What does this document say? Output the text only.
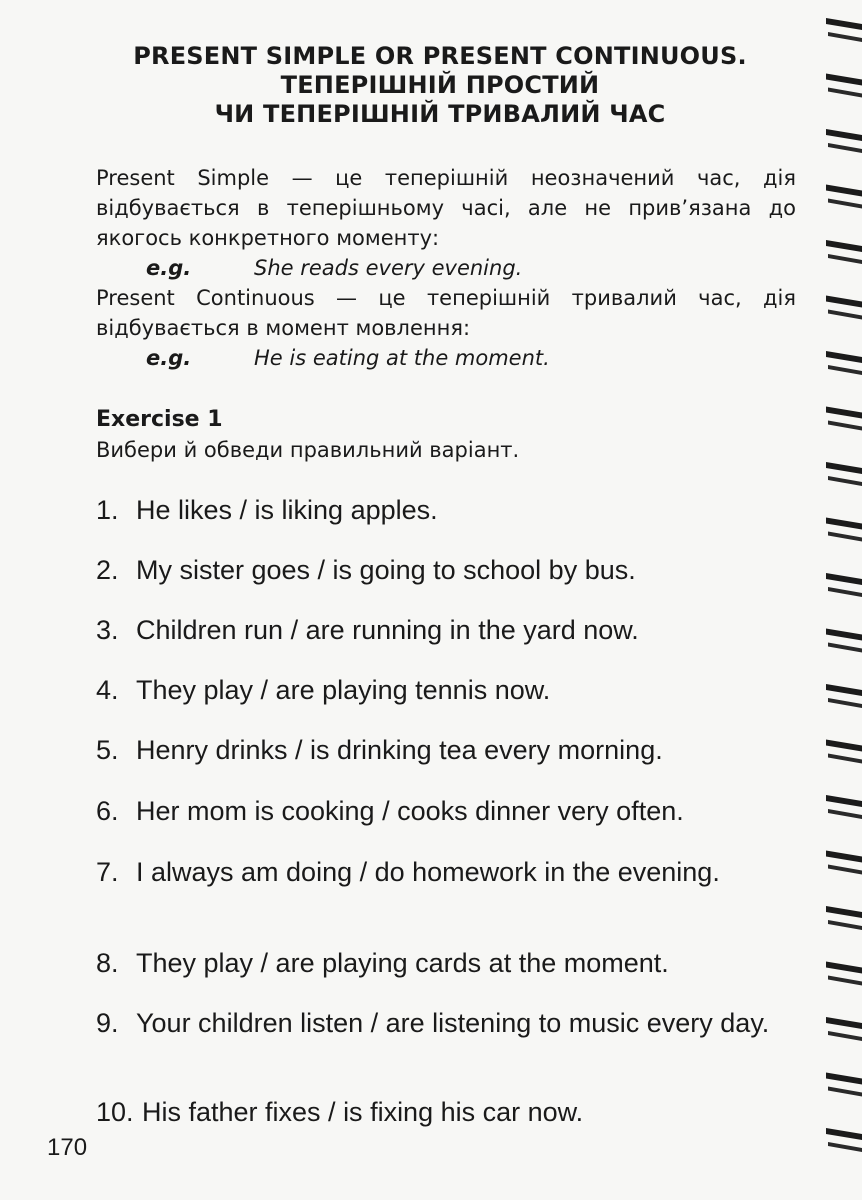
PRESENT SIMPLE OR PRESENT CONTINUOUS.
ТЕПЕРІШНІЙ ПРОСТИЙ
ЧИ ТЕПЕРІШНІЙ ТРИВАЛИЙ ЧАС
Present Simple — це теперішній неозначений час, дія відбувається в теперішньому часі, але не прив’язана до якогось конкретного моменту:
e.g.	She reads every evening.
Present Continuous — це теперішній тривалий час, дія відбувається в момент мовлення:
e.g.	He is eating at the moment.
Exercise 1
Вибери й обведи правильний варіант.
1. He likes / is liking apples.
2. My sister goes / is going to school by bus.
3. Children run / are running in the yard now.
4. They play / are playing tennis now.
5. Henry drinks / is drinking tea every morning.
6. Her mom is cooking / cooks dinner very often.
7. I always am doing / do homework in the evening.
8. They play / are playing cards at the moment.
9. Your children listen / are listening to music every day.
10. His father fixes / is fixing his car now.
170
